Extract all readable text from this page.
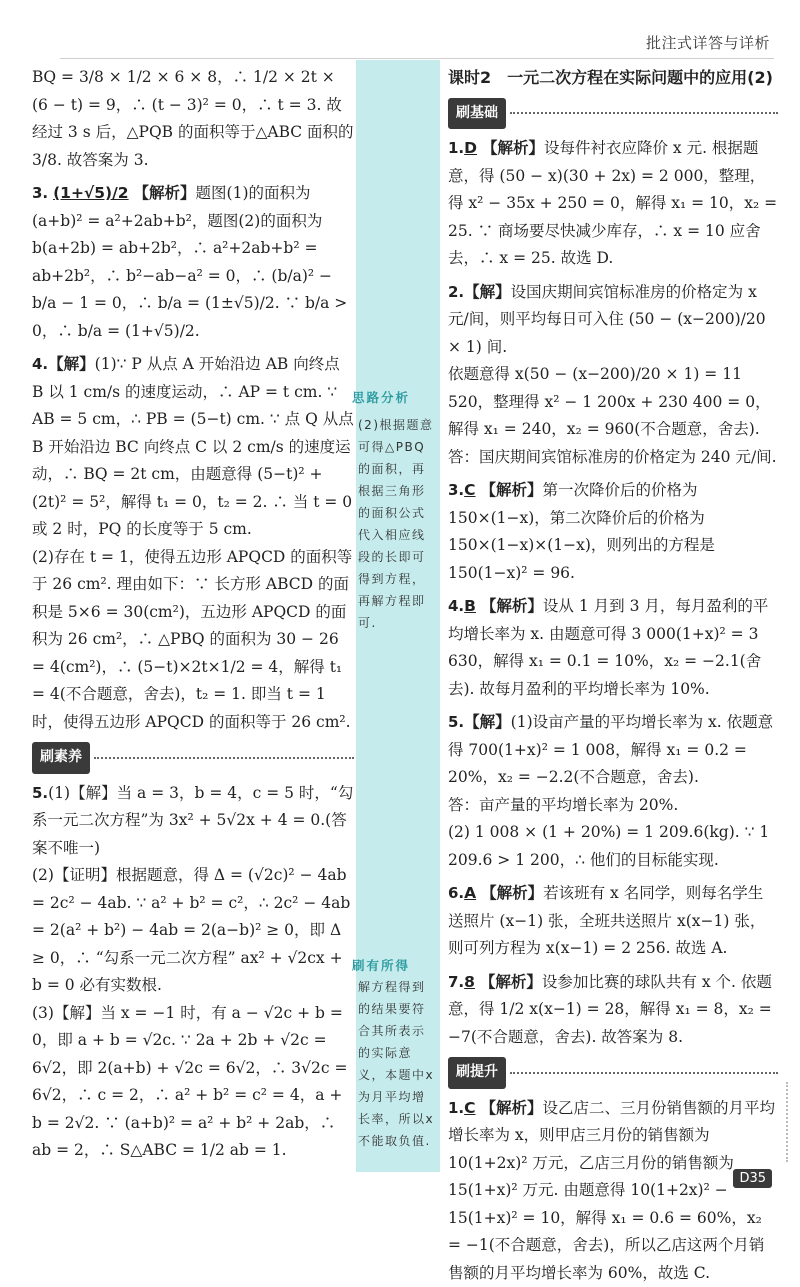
批注式详答与详析
思路分析
(2)根据题意可得△PBQ的面积，再根据三角形的面积公式代入相应线段的长即可得到方程，再解方程即可.
刷有所得
解方程得到的结果要符合其所表示的实际意义，本题中x为月平均增长率，所以x不能取负值.

BQ = 3/8 × 1/2 × 6 × 8，∴ 1/2 × 2t × (6 − t) = 9，∴ (t − 3)² = 0，∴ t = 3. 故经过 3 s 后，△PQB 的面积等于△ABC 面积的 3/8. 故答案为 3.

3. (1+√5)/2 【解析】题图(1)的面积为 (a+b)² = a²+2ab+b²，题图(2)的面积为 b(a+2b) = ab+2b²，∴ a²+2ab+b² = ab+2b²，∴ b²−ab−a² = 0，∴ (b/a)² − b/a − 1 = 0，∴ b/a = (1±√5)/2. ∵ b/a > 0，∴ b/a = (1+√5)/2.

4.【解】(1)∵ P 从点 A 开始沿边 AB 向终点 B 以 1 cm/s 的速度运动，∴ AP = t cm. ∵ AB = 5 cm，∴ PB = (5−t) cm. ∵ 点 Q 从点 B 开始沿边 BC 向终点 C 以 2 cm/s 的速度运动，∴ BQ = 2t cm，由题意得 (5−t)² + (2t)² = 5²，解得 t₁ = 0，t₂ = 2. ∴ 当 t = 0 或 2 时，PQ 的长度等于 5 cm.

(2)存在 t = 1，使得五边形 APQCD 的面积等于 26 cm². 理由如下：∵ 长方形 ABCD 的面积是 5×6 = 30(cm²)，五边形 APQCD 的面积为 26 cm²，∴ △PBQ 的面积为 30 − 26 = 4(cm²)，∴ (5−t)×2t×1/2 = 4，解得 t₁ = 4(不合题意，舍去)，t₂ = 1. 即当 t = 1 时，使得五边形 APQCD 的面积等于 26 cm².

刷素养

5.(1)【解】当 a = 3，b = 4，c = 5 时，“勾系一元二次方程”为 3x² + 5√2x + 4 = 0.(答案不唯一)

(2)【证明】根据题意，得 Δ = (√2c)² − 4ab = 2c² − 4ab. ∵ a² + b² = c²，∴ 2c² − 4ab = 2(a² + b²) − 4ab = 2(a−b)² ≥ 0，即 Δ ≥ 0，∴ “勾系一元二次方程” ax² + √2cx + b = 0 必有实数根.

(3)【解】当 x = −1 时，有 a − √2c + b = 0，即 a + b = √2c. ∵ 2a + 2b + √2c = 6√2，即 2(a+b) + √2c = 6√2，∴ 3√2c = 6√2，∴ c = 2，∴ a² + b² = c² = 4，a + b = 2√2. ∵ (a+b)² = a² + b² + 2ab，∴ ab = 2，∴ S△ABC = 1/2 ab = 1.

课时2　一元二次方程在实际问题中的应用(2)
刷基础

1.D 【解析】设每件衬衣应降价 x 元. 根据题意，得 (50 − x)(30 + 2x) = 2 000，整理，得 x² − 35x + 250 = 0，解得 x₁ = 10，x₂ = 25. ∵ 商场要尽快减少库存，∴ x = 10 应舍去，∴ x = 25. 故选 D.

2.【解】设国庆期间宾馆标准房的价格定为 x 元/间，则平均每日可入住 (50 − (x−200)/20 × 1) 间.

依题意得 x(50 − (x−200)/20 × 1) = 11 520，整理得 x² − 1 200x + 230 400 = 0，解得 x₁ = 240，x₂ = 960(不合题意，舍去).

答：国庆期间宾馆标准房的价格定为 240 元/间.

3.C 【解析】第一次降价后的价格为 150×(1−x)，第二次降价后的价格为 150×(1−x)×(1−x)，则列出的方程是 150(1−x)² = 96.

4.B 【解析】设从 1 月到 3 月，每月盈利的平均增长率为 x. 由题意可得 3 000(1+x)² = 3 630，解得 x₁ = 0.1 = 10%，x₂ = −2.1(舍去). 故每月盈利的平均增长率为 10%.

5.【解】(1)设亩产量的平均增长率为 x. 依题意得 700(1+x)² = 1 008，解得 x₁ = 0.2 = 20%，x₂ = −2.2(不合题意，舍去).

答：亩产量的平均增长率为 20%.

(2) 1 008 × (1 + 20%) = 1 209.6(kg). ∵ 1 209.6 > 1 200，∴ 他们的目标能实现.

6.A 【解析】若该班有 x 名同学，则每名学生送照片 (x−1) 张，全班共送照片 x(x−1) 张，则可列方程为 x(x−1) = 2 256. 故选 A.

7.8 【解析】设参加比赛的球队共有 x 个. 依题意，得 1/2 x(x−1) = 28，解得 x₁ = 8，x₂ = −7(不合题意，舍去). 故答案为 8.

刷提升

1.C 【解析】设乙店二、三月份销售额的月平均增长率为 x，则甲店三月份的销售额为 10(1+2x)² 万元，乙店三月份的销售额为 15(1+x)² 万元. 由题意得 10(1+2x)² − 15(1+x)² = 10，解得 x₁ = 0.6 = 60%，x₂ = −1(不合题意，舍去)，所以乙店这两个月销售额的月平均增长率为 60%，故选 C.

D35
